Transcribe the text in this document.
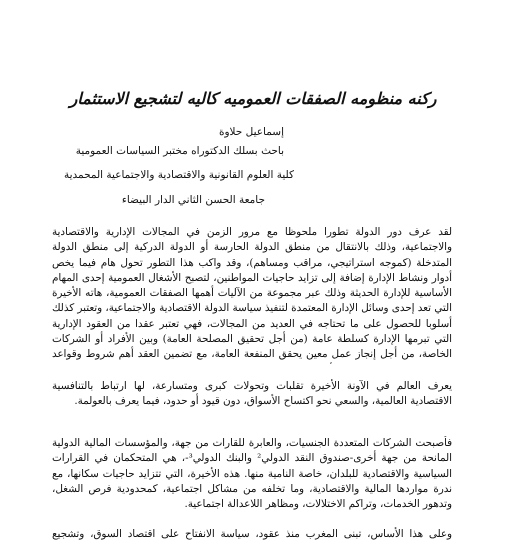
ركنه منظومه الصفقات العموميه كاليه لتشجيع الاستثمار
إسماعيل حلاوة
باحث بسلك الدكتوراه مختبر السياسات العمومية
كلية العلوم القانونية والاقتصادية والاجتماعية المحمدية
جامعة الحسن الثاني الدار البيضاء

لقد عرف دور الدولة تطورا ملحوظا مع مرور الزمن في المجالات الإدارية والاقتصادية والاجتماعية، وذلك بالانتقال من منطق الدولة الحارسة أو الدولة الدركية إلى منطق الدولة المتدخلة (كموجه استراتيجي، مراقب ومساهم)، وقد واكب هذا التطور تحول هام فيما يخص أدوار ونشاط الإدارة إضافة إلى تزايد حاجيات المواطنين، لتصبح الأشغال العمومية إحدى المهام الأساسية للإدارة الحديثة وذلك عبر مجموعة من الآليات أهمها الصفقات العمومية، هاته الأخيرة التي تعد إحدى وسائل الإدارة المعتمدة لتنفيذ سياسة الدولة الاقتصادية والاجتماعية، وتعتبر كذلك أسلوبا للحصول على ما تحتاجه في العديد من المجالات، فهي تعتبر عقدا من العقود الإدارية التي تبرمها الإدارة كسلطة عامة (من أجل تحقيق المصلحة العامة) وبين الأفراد أو الشركات الخاصة، من أجل إنجاز عمل معين يحقق المنفعة العامة، مع تضمين العقد أهم شروط وقواعد

يعرف العالم في الآونة الأخيرة تقلبات وتحولات كبرى ومتسارعة، لها ارتباط بالتنافسية الاقتصادية العالمية، والسعي نحو اكتساح الأسواق، دون قيود أو حدود، فيما يعرف بالعولمة.

فأصبحت الشركات المتعددة الجنسيات، والعابرة للقارات من جهة، والمؤسسات المالية الدولية المانحة من جهة أخرى-صندوق النقد الدولي² والبنك الدولي³-، هي المتحكمان في القرارات السياسية والاقتصادية للبلدان، خاصة النامية منها. هذه الأخيرة، التي تتزايد حاجيات سكانها، مع ندرة مواردها المالية والاقتصادية، وما تخلفه من مشاكل اجتماعية، كمحدودية فرص الشغل، وتدهور الخدمات، وتراكم الاختلالات، ومظاهر اللاعدالة اجتماعية.

وعلى هذا الأساس، تبنى المغرب منذ عقود، سياسة الانفتاح على اقتصاد السوق، وتشجيع
